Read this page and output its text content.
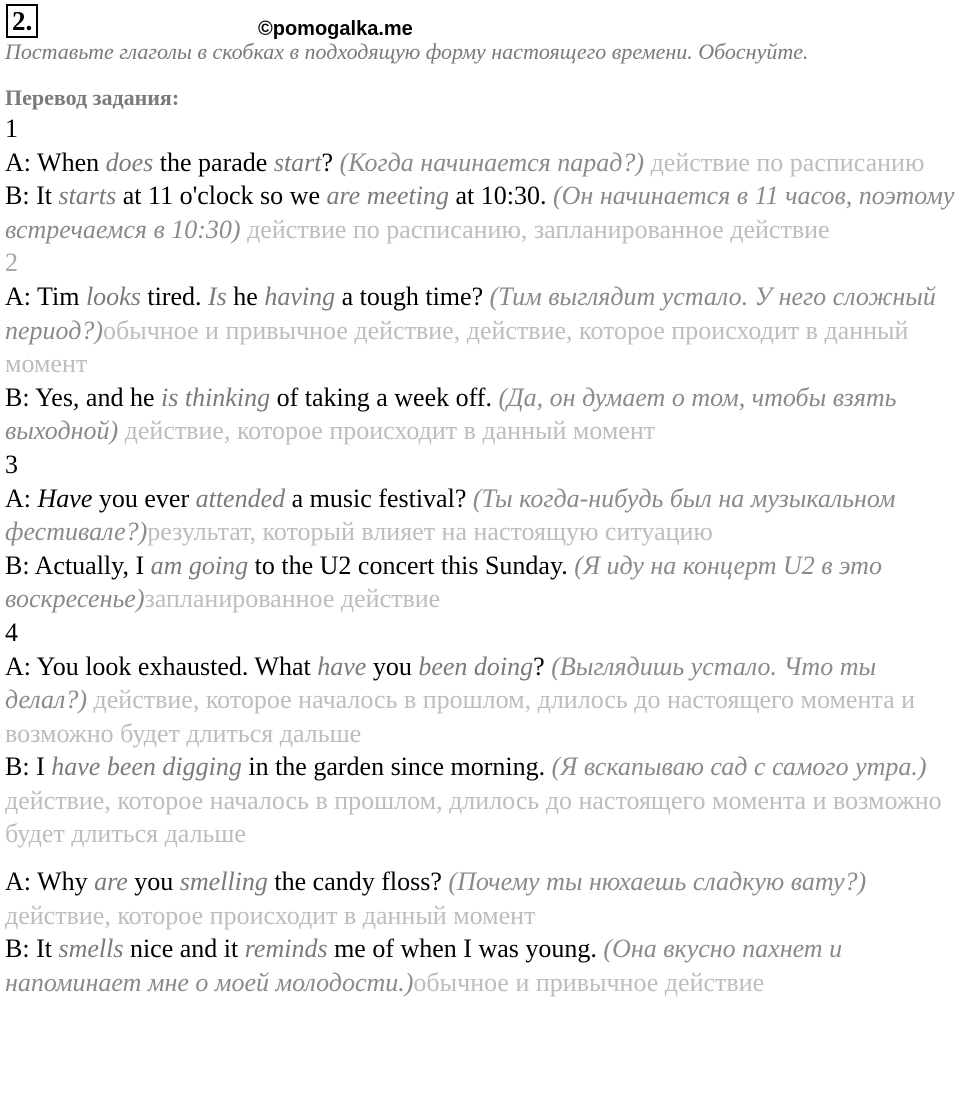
2.	©pomogalka.me
Поставьте глаголы в скобках в подходящую форму настоящего времени. Обоснуйте.
Перевод задания:
1
A: When does the parade start? (Когда начинается парад?) действие по расписанию
B: It starts at 11 o'clock so we are meeting at 10:30. (Он начинается в 11 часов, поэтому встречаемся в 10:30) действие по расписанию, запланированное действие
2
A: Tim looks tired. Is he having a tough time? (Тим выглядит устало. У него сложный период?)обычное и привычное действие, действие, которое происходит в данный момент
B: Yes, and he is thinking of taking a week off. (Да, он думает о том, чтобы взять выходной) действие, которое происходит в данный момент
3
A: Have you ever attended a music festival? (Ты когда-нибудь был на музыкальном фестивале?)результат, который влияет на настоящую ситуацию
B: Actually, I am going to the U2 concert this Sunday. (Я иду на концерт U2 в это воскресенье)запланированное действие
4
A: You look exhausted. What have you been doing? (Выглядишь устало. Что ты делал?) действие, которое началось в прошлом, длилось до настоящего момента и возможно будет длиться дальше
B: I have been digging in the garden since morning. (Я вскапываю сад с самого утра.) действие, которое началось в прошлом, длилось до настоящего момента и возможно будет длиться дальше
A: Why are you smelling the candy floss? (Почему ты нюхаешь сладкую вату?) действие, которое происходит в данный момент
B: It smells nice and it reminds me of when I was young. (Она вкусно пахнет и напоминает мне о моей молодости.)обычное и привычное действие
